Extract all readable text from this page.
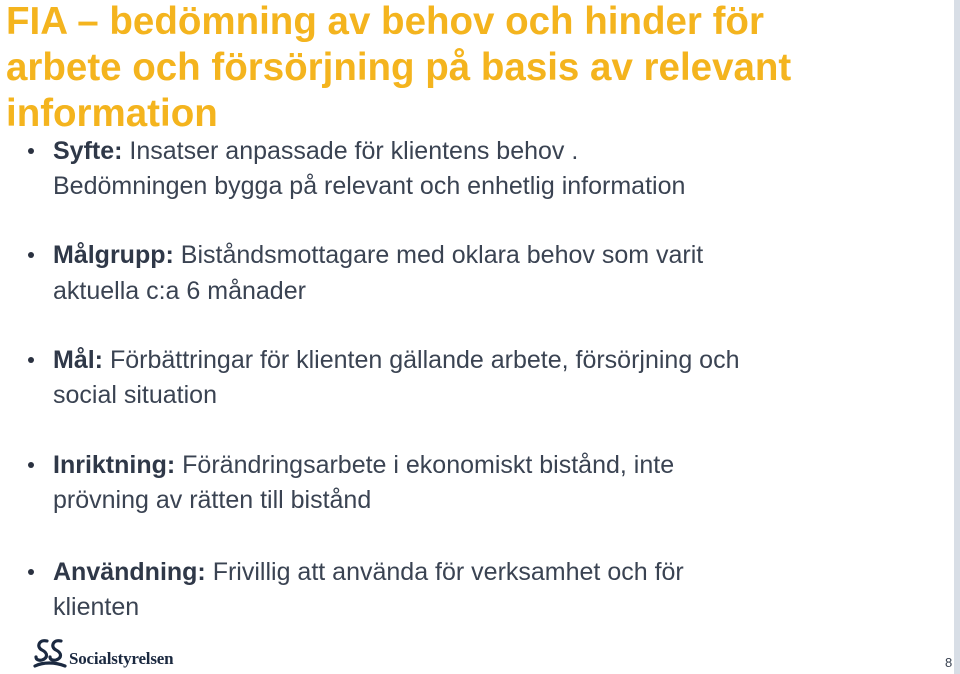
FIA – bedömning av behov och hinder för
arbete och försörjning på basis av relevant
information
Syfte: Insatser anpassade för klientens behov .
Bedömningen bygga på relevant och enhetlig information
Målgrupp: Biståndsmottagare med oklara behov som varit
aktuella c:a 6 månader
Mål: Förbättringar för klienten gällande arbete, försörjning och
social situation
Inriktning: Förändringsarbete i ekonomiskt bistånd, inte
prövning av rätten till bistånd
Användning: Frivillig att använda för verksamhet och för
klienten
Socialstyrelsen	8
